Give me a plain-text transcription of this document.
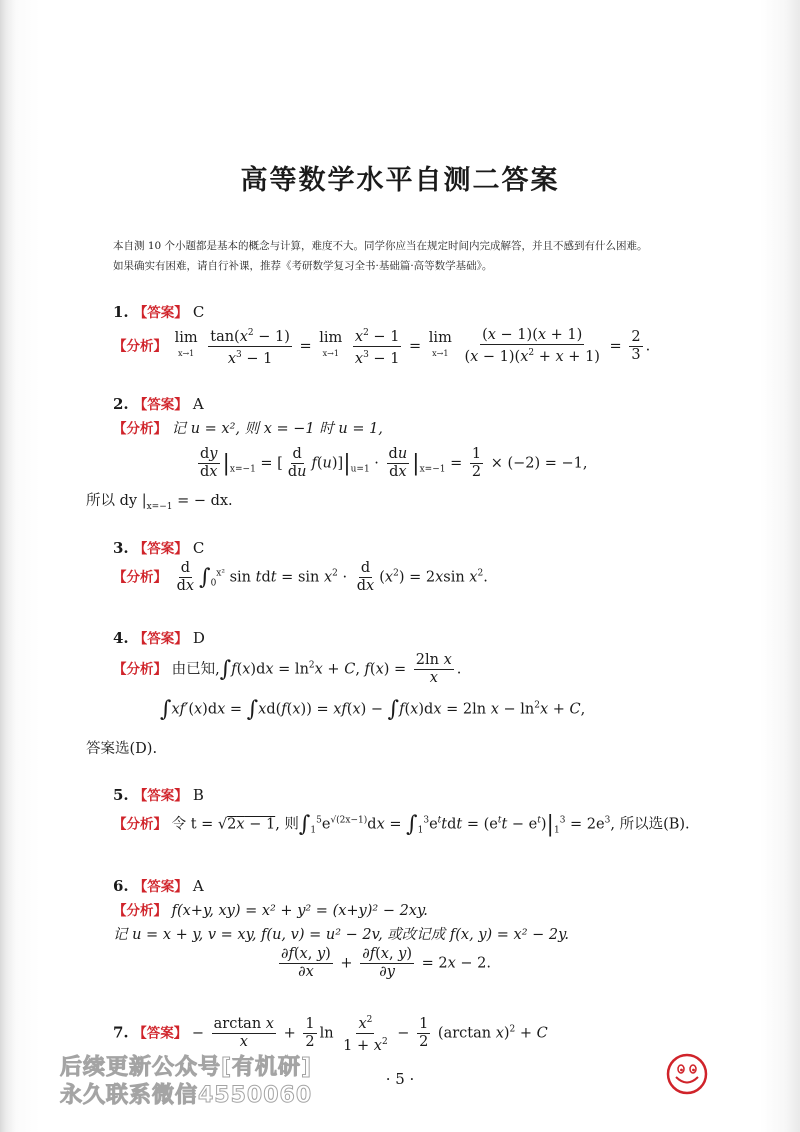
高等数学水平自测二答案
本自测 10 个小题都是基本的概念与计算，难度不大。同学你应当在规定时间内完成解答，并且不感到有什么困难。
如果确实有困难，请自行补课，推荐《考研数学复习全书·基础篇·高等数学基础》。
1. 【答案】 C
【分析】 lim
x→1
$\frac{\tan(x^2 - 1)}{x^3 - 1} = \lim$
x→1
$\frac{x^2 - 1}{x^3 - 1} = \lim$
x→1
$\frac{(x - 1)(x + 1)}{(x - 1)(x^2 + x + 1)} = \frac{2}{3}$ .
2. 【答案】 A
【分析】 记 u = x², 则 x = −1 时 u = 1,
$\frac{dy}{dx} |_{x=-1}$ = [ $\frac{d}{du} f(u)]|_{u=1} \cdot \frac{du}{dx} |_{x=-1} = \frac{1}{2} \times (-2) = -1$,
所以 dy $|_{x=-1}$ = − dx.
3. 【答案】 C
【分析】 $\frac{d}{dx} \int_0^{x^2}$ sin tdt = $\sin x^2 \cdot \frac{d}{dx} (x^2) = 2xsin$ $x^2$.
4. 【答案】 D
【分析】 由已知$,\int f(x)dx = \ln^2x + C$, $f(x) = \frac{\text{2ln x}}{x}$ .
∫xf′(x)dx = ∫xd(f(x)) = xf(x) − ∫f(x)dx = 2ln $x - \ln^2x + C$,
答案选(D).
5. 【答案】 B
【分析】 令 t = √2x − 1, 则$\int_1^5e^{√(2x-1)}dx = \int_1^3e^ttdt = (e^tt - e^t)|_1^3 = 2e^3$, 所以选(B).
6. 【答案】 A
【分析】 f(x+y, xy) = x² + y² = (x+y)² − 2xy.
记 u = x + y, v = xy, f(u, v) = u² − 2v, 或改记成 f(x, y) = x² − 2y.
$\frac{\partial f(x, y)}{\partial x} + \frac{\partial f(x, y)}{\partial y} = 2x - 2$.
7. 【答案】 − $\frac{\text{arctan x}}{x} + \frac{1}{2}$ $\ln \frac{x^2}{1 + x^2} - \frac{1}{2} (\arctan$ x)$^2$ + C
· 5 ·
后续更新公众号[有机研]
永久联系微信4550060
